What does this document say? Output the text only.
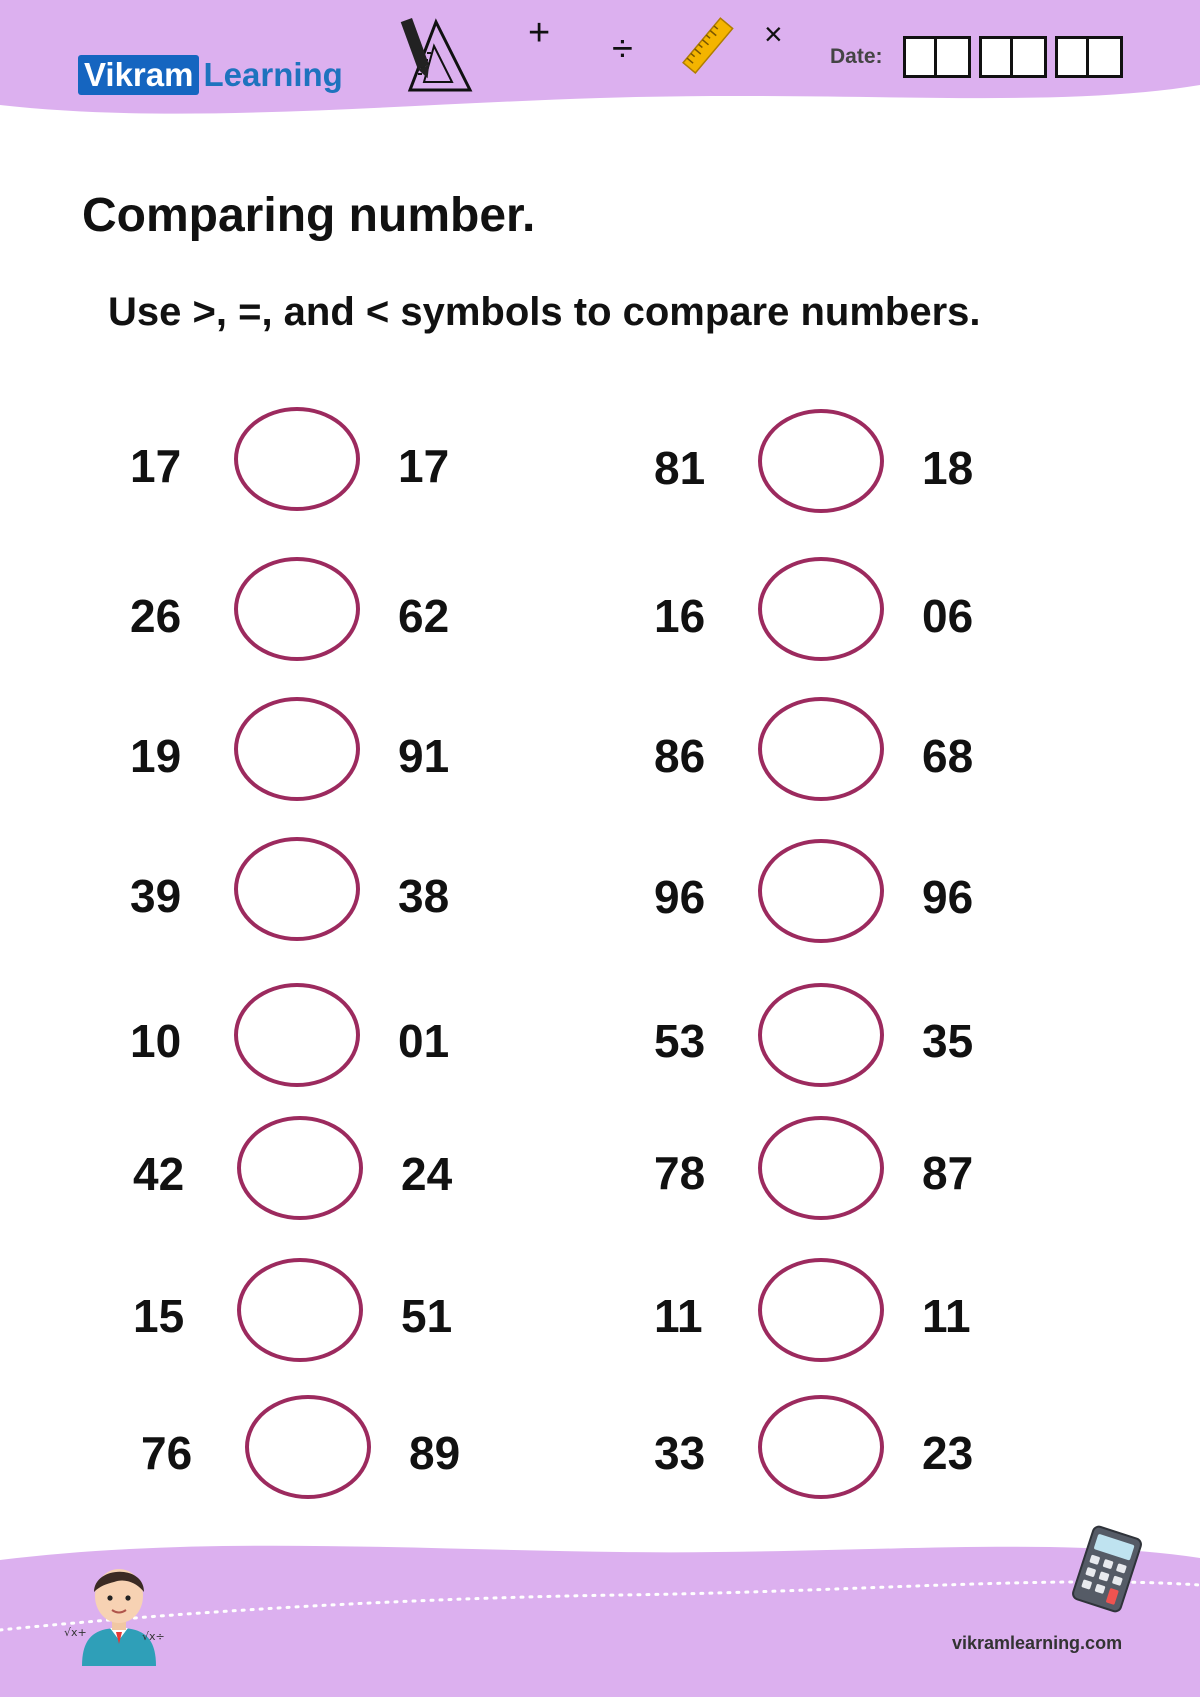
Vikram Learning
+ ÷	×
Date:
Comparing number.

Use >, =, and < symbols to compare numbers.

17	17
26	62
19	91
39	38
10	01
42	24
15	51
76	89
81	18
16	06
86	68
96	96
53	35
78	87
11	11
33	23
√x+	√x÷	vikramlearning.com
